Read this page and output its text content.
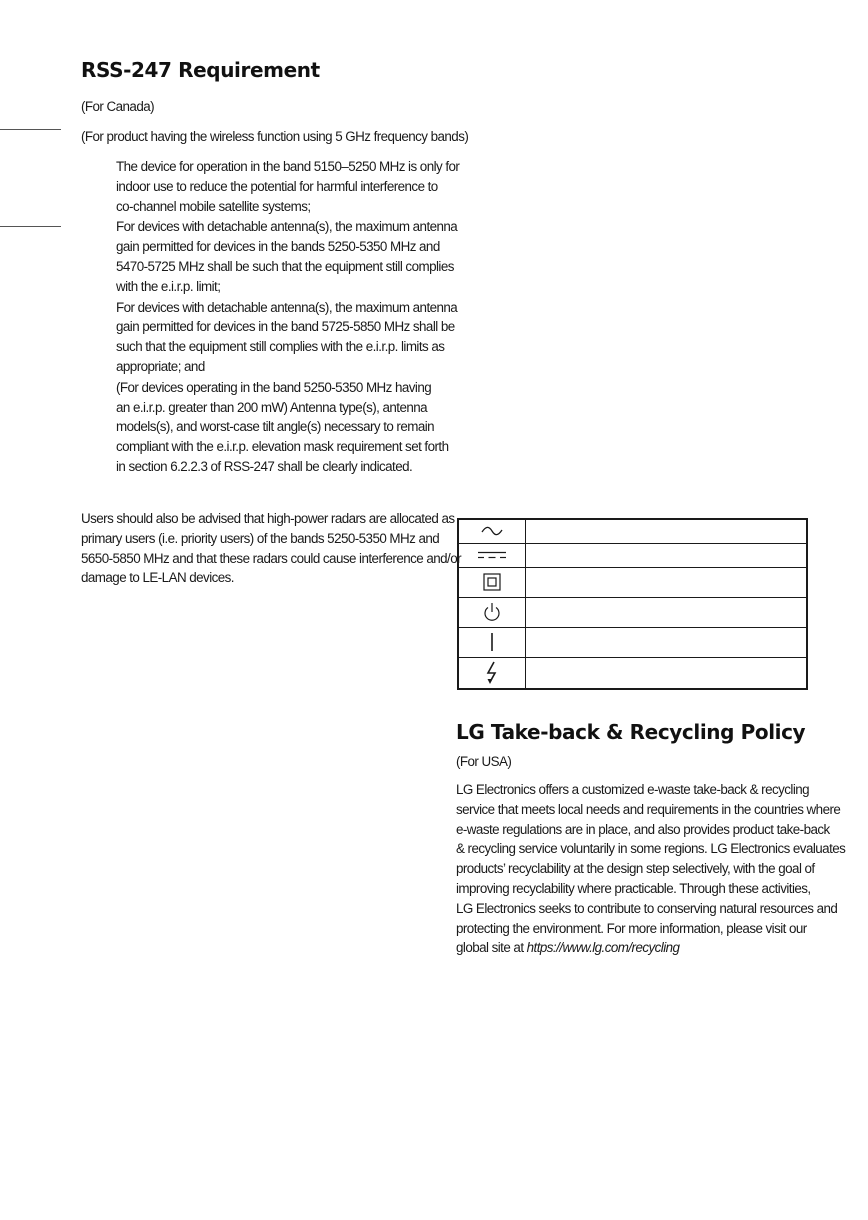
RSS-247 Requirement
(For Canada)
(For product having the wireless function using 5 GHz frequency bands)
The device for operation in the band 5150–5250 MHz is only for
indoor use to reduce the potential for harmful interference to
co-channel mobile satellite systems;
For devices with detachable antenna(s), the maximum antenna
gain permitted for devices in the bands 5250-5350 MHz and
5470-5725 MHz shall be such that the equipment still complies
with the e.i.r.p. limit;
For devices with detachable antenna(s), the maximum antenna
gain permitted for devices in the band 5725-5850 MHz shall be
such that the equipment still complies with the e.i.r.p. limits as
appropriate; and
(For devices operating in the band 5250-5350 MHz having
an e.i.r.p. greater than 200 mW) Antenna type(s), antenna
models(s), and worst-case tilt angle(s) necessary to remain
compliant with the e.i.r.p. elevation mask requirement set forth
in section 6.2.2.3 of RSS-247 shall be clearly indicated.
Users should also be advised that high-power radars are allocated as
primary users (i.e. priority users) of the bands 5250-5350 MHz and
5650-5850 MHz and that these radars could cause interference and/or
damage to LE-LAN devices.

LG Take-back & Recycling Policy
(For USA)
LG Electronics offers a customized e-waste take-back & recycling
service that meets local needs and requirements in the countries where
e-waste regulations are in place, and also provides product take-back
& recycling service voluntarily in some regions. LG Electronics evaluates
products’ recyclability at the design step selectively, with the goal of
improving recyclability where practicable. Through these activities,
LG Electronics seeks to contribute to conserving natural resources and
protecting the environment. For more information, please visit our
global site at https://www.lg.com/recycling
